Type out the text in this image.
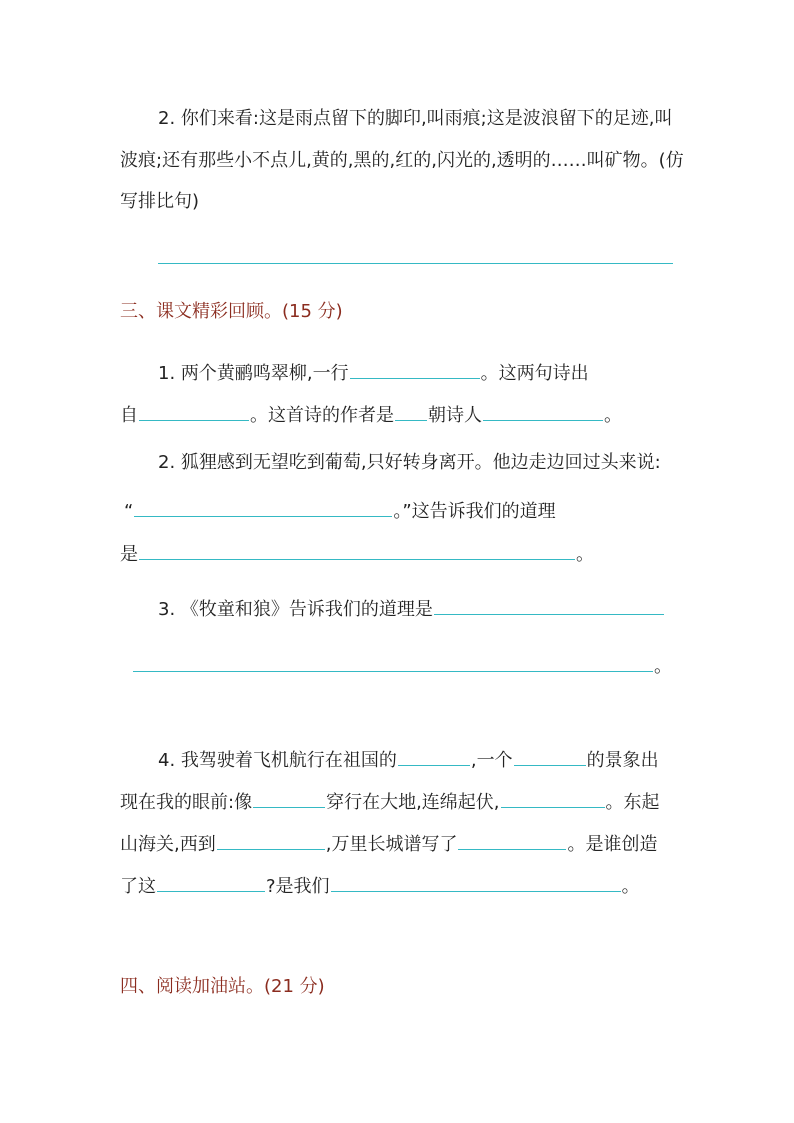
2. 你们来看:这是雨点留下的脚印,叫雨痕;这是波浪留下的足迹,叫
波痕;还有那些小不点儿,黄的,黑的,红的,闪光的,透明的……叫矿物。(仿
写排比句)
三、课文精彩回顾。(15 分)
1. 两个黄鹂鸣翠柳,一行	。这两句诗出
自	。这首诗的作者是 朝诗人	。
2. 狐狸感到无望吃到葡萄,只好转身离开。他边走边回过头来说:
“	。”这告诉我们的道理
是	。
3. 《牧童和狼》告诉我们的道理是
。
4. 我驾驶着飞机航行在祖国的	,一个	的景象出
现在我的眼前:像	穿行在大地,连绵起伏,	。东起
山海关,西到	,万里长城谱写了	。是谁创造
了这	?是我们	。
四、阅读加油站。(21 分)
